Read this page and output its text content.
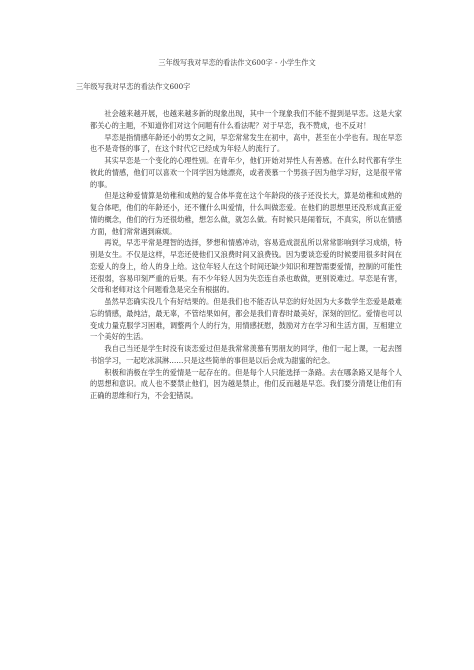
三年级写我对早恋的看法作文600字 - 小学生作文
三年级写我对早恋的看法作文600字

社会越来越开展，也越来越多新的现象出现，其中一个现象我们不能不提到是早恋。这是大家都关心的主题，不知道你们对这个问题有什么看法呢？对于早恋，我不赞成，也不反对！

早恋是指情感年龄还小的男女之间，早恋常常发生在初中，高中，甚至在小学也有。现在早恋也不是奇怪的事了，在这个时代它已经成为年轻人的流行了。

其实早恋是一个变化的心理性别。在青年少，他们开始对异性人有善感。在什么时代都有学生彼此的情感，他们可以喜欢一个同学因为她漂亮，或者羡慕一个男孩子因为他学习好，这是很平常的事。

但是这种爱情算是幼稚和成熟的复合体毕竟在这个年龄段的孩子还没长大，算是幼稚和成熟的复合体吧，他们的年龄还小，还不懂什么叫爱情，什么叫做恋爱。在他们的思想里还没形成真正爱情的概念，他们的行为还很幼稚，想怎么做，就怎么做。有时候只是闹着玩，不真实，所以在情感方面，他们常常遇到麻烦。

再说，早恋平常是理智的选择，梦想和情感冲动，容易造成混乱所以常常影响到学习成绩，特别是女生。不仅是这样，早恋还使他们又浪费时间又浪费钱。因为要谈恋爱的时候要用很多时间在恋爱人的身上，给人的身上给。这位年轻人在这个时间还缺少知识和理智需要爱情，控制的可能性还很弱，容易印刻严重的后果。有不少年轻人因为失恋连自杀也敢做，更别说难过。早恋是有害，父母和老师对这个问题看急是完全有根据的。

虽然早恋确实没几个有好结果的。但是我们也不能否认早恋的好处因为大多数学生恋爱是最难忘的情感，最纯洁，最无辜，不管结果如何，都会是我们青春时最美好，深刻的回忆。爱情也可以变成力量克服学习困难，调整两个人的行为，用情感抚慰，鼓励对方在学习和生活方面，互相建立一个美好的生活。

我自己当还是学生时没有谈恋爱过但是我常常羡慕有男朋友的同学，他们一起上课，一起去图书馆学习，一起吃冰淇淋……只是这些简单的事但是以后会成为甜蜜的纪念。

积极和消极在学生的爱情是一起存在的。但是每个人只能选择一条路。去在哪条路又是每个人的思想和意识。成人也不要禁止他们，因为越是禁止，他们反而越是早恋。我们要分清楚让他们有正确的思维和行为，不会犯错误。
